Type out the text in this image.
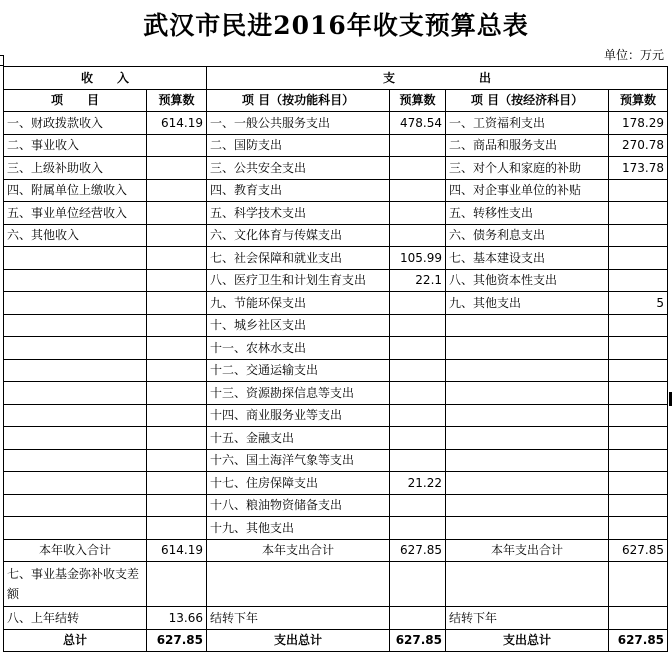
武汉市民进2016年收支预算总表
单位：万元
收　　入		支　　　　　　　出			
项　　目	预算数	项 目（按功能科目）	预算数	项 目（按经济科目）	预算数
一、财政拨款收入	614.19	一、一般公共服务支出	478.54	一、工资福利支出	178.29
二、事业收入		二、国防支出		二、商品和服务支出	270.78
三、上级补助收入		三、公共安全支出		三、对个人和家庭的补助	173.78
四、附属单位上缴收入		四、教育支出		四、对企事业单位的补贴	
五、事业单位经营收入		五、科学技术支出		五、转移性支出	
六、其他收入		六、文化体育与传媒支出		六、债务利息支出	
		七、社会保障和就业支出	105.99	七、基本建设支出	
		八、医疗卫生和计划生育支出	22.1	八、其他资本性支出	
		九、节能环保支出		九、其他支出	5
		十、城乡社区支出			
		十一、农林水支出			
		十二、交通运输支出			
		十三、资源勘探信息等支出			
		十四、商业服务业等支出			
		十五、金融支出			
		十六、国土海洋气象等支出			
		十七、住房保障支出	21.22		
		十八、粮油物资储备支出			
		十九、其他支出			
本年收入合计	614.19	本年支出合计	627.85	本年支出合计	627.85
七、事业基金弥补收支差额					
八、上年结转	13.66	结转下年		结转下年	
总计	627.85	支出总计	627.85	支出总计	627.85
